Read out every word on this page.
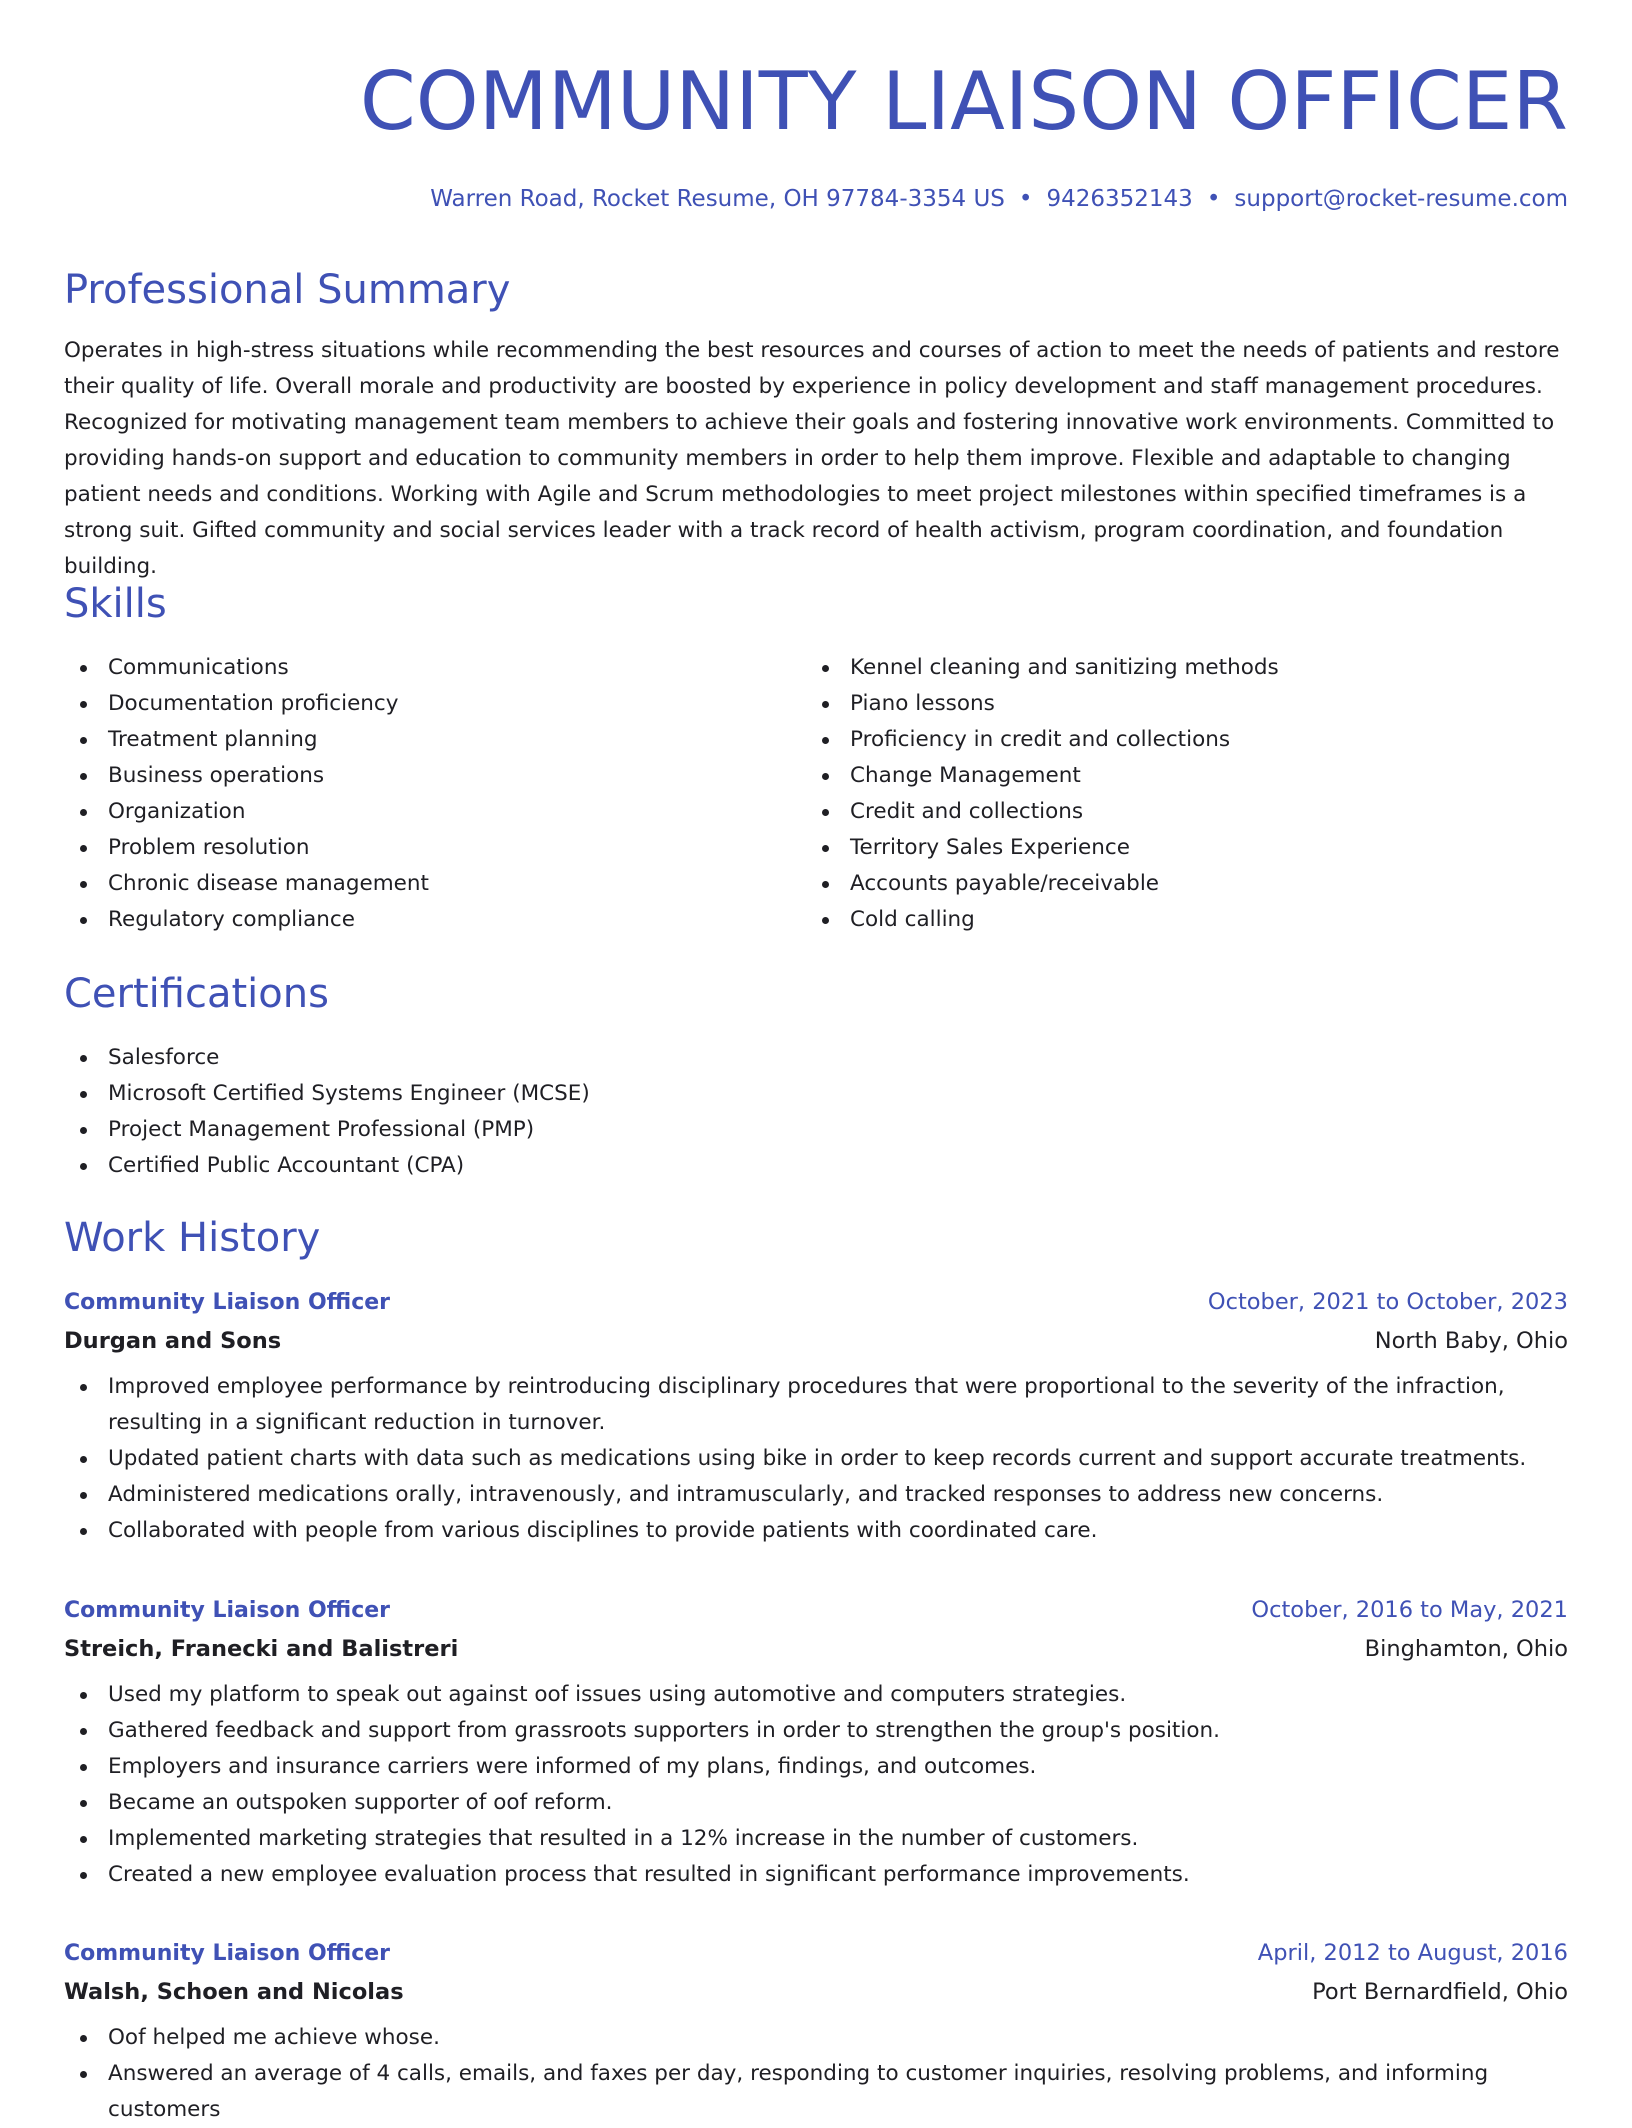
COMMUNITY LIAISON OFFICER
Warren Road, Rocket Resume, OH 97784-3354 US • 9426352143 • support@rocket-resume.com
Professional Summary

Operates in high-stress situations while recommending the best resources and courses of action to meet the needs of patients and restore their quality of life. Overall morale and productivity are boosted by experience in policy development and staff management procedures. Recognized for motivating management team members to achieve their goals and fostering innovative work environments. Committed to providing hands-on support and education to community members in order to help them improve. Flexible and adaptable to changing patient needs and conditions. Working with Agile and Scrum methodologies to meet project milestones within specified timeframes is a strong suit. Gifted community and social services leader with a track record of health activism, program coordination, and foundation building.

Skills
Communications
Documentation proficiency
Treatment planning
Business operations
Organization
Problem resolution
Chronic disease management
Regulatory compliance
Kennel cleaning and sanitizing methods
Piano lessons
Proficiency in credit and collections
Change Management
Credit and collections
Territory Sales Experience
Accounts payable/receivable
Cold calling
Certifications
Salesforce
Microsoft Certified Systems Engineer (MCSE)
Project Management Professional (PMP)
Certified Public Accountant (CPA)
Work History
Community Liaison Officer	October, 2021 to October, 2023
Durgan and Sons	North Baby, Ohio
Improved employee performance by reintroducing disciplinary procedures that were proportional to the severity of the infraction, resulting in a significant reduction in turnover.
Updated patient charts with data such as medications using bike in order to keep records current and support accurate treatments.
Administered medications orally, intravenously, and intramuscularly, and tracked responses to address new concerns.
Collaborated with people from various disciplines to provide patients with coordinated care.
Community Liaison Officer	October, 2016 to May, 2021
Streich, Franecki and Balistreri	Binghamton, Ohio
Used my platform to speak out against oof issues using automotive and computers strategies.
Gathered feedback and support from grassroots supporters in order to strengthen the group's position.
Employers and insurance carriers were informed of my plans, findings, and outcomes.
Became an outspoken supporter of oof reform.
Implemented marketing strategies that resulted in a 12% increase in the number of customers.
Created a new employee evaluation process that resulted in significant performance improvements.
Community Liaison Officer	April, 2012 to August, 2016
Walsh, Schoen and Nicolas	Port Bernardfield, Ohio
Oof helped me achieve whose.
Answered an average of 4 calls, emails, and faxes per day, responding to customer inquiries, resolving problems, and informing customers
